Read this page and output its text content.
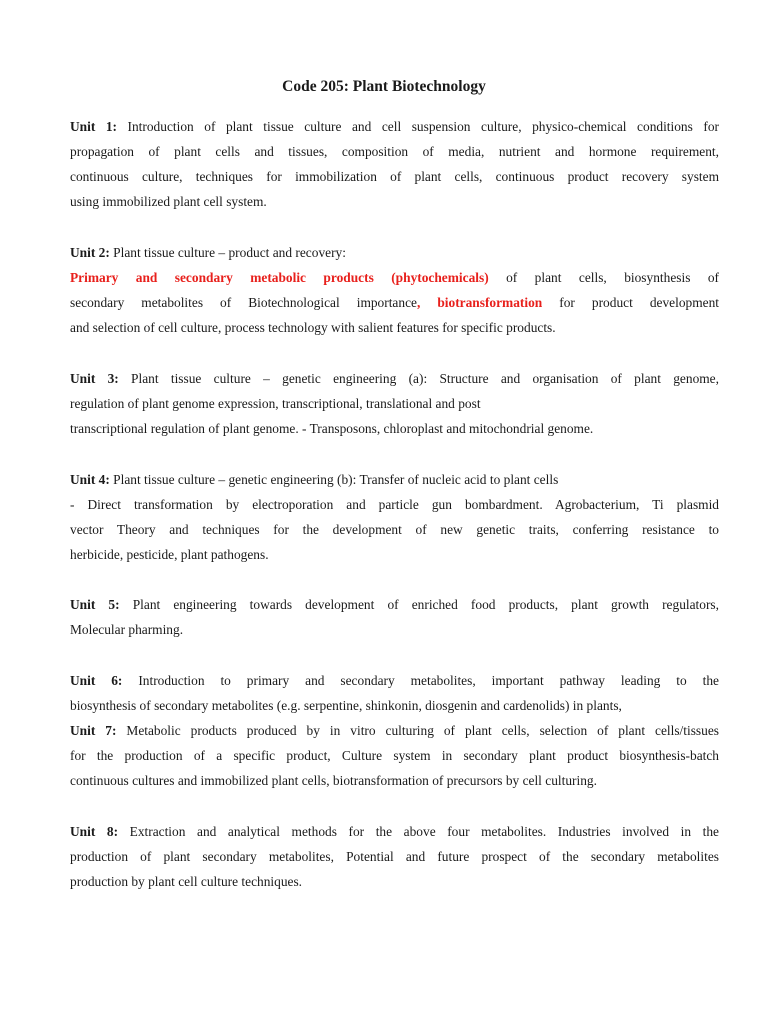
Code 205: Plant Biotechnology

Unit 1: Introduction of plant tissue culture and cell suspension culture, physico-chemical conditions for

propagation of plant cells and tissues, composition of media, nutrient and hormone requirement,

continuous culture, techniques for immobilization of plant cells, continuous product recovery system

using immobilized plant cell system.

Unit 2: Plant tissue culture – product and recovery:

Primary and secondary metabolic products (phytochemicals) of plant cells, biosynthesis of

secondary metabolites of Biotechnological importance, biotransformation for product development

and selection of cell culture, process technology with salient features for specific products.

Unit 3: Plant tissue culture – genetic engineering (a): Structure and organisation of plant genome,

regulation of plant genome expression, transcriptional, translational and post

transcriptional regulation of plant genome. - Transposons, chloroplast and mitochondrial genome.

Unit 4: Plant tissue culture – genetic engineering (b): Transfer of nucleic acid to plant cells

- Direct transformation by electroporation and particle gun bombardment. Agrobacterium, Ti plasmid

vector Theory and techniques for the development of new genetic traits, conferring resistance to

herbicide, pesticide, plant pathogens.

Unit 5: Plant engineering towards development of enriched food products, plant growth regulators,

Molecular pharming.

Unit 6: Introduction to primary and secondary metabolites, important pathway leading to the

biosynthesis of secondary metabolites (e.g. serpentine, shinkonin, diosgenin and cardenolids) in plants,

Unit 7: Metabolic products produced by in vitro culturing of plant cells, selection of plant cells/tissues

for the production of a specific product, Culture system in secondary plant product biosynthesis-batch

continuous cultures and immobilized plant cells, biotransformation of precursors by cell culturing.

Unit 8: Extraction and analytical methods for the above four metabolites. Industries involved in the

production of plant secondary metabolites, Potential and future prospect of the secondary metabolites

production by plant cell culture techniques.
